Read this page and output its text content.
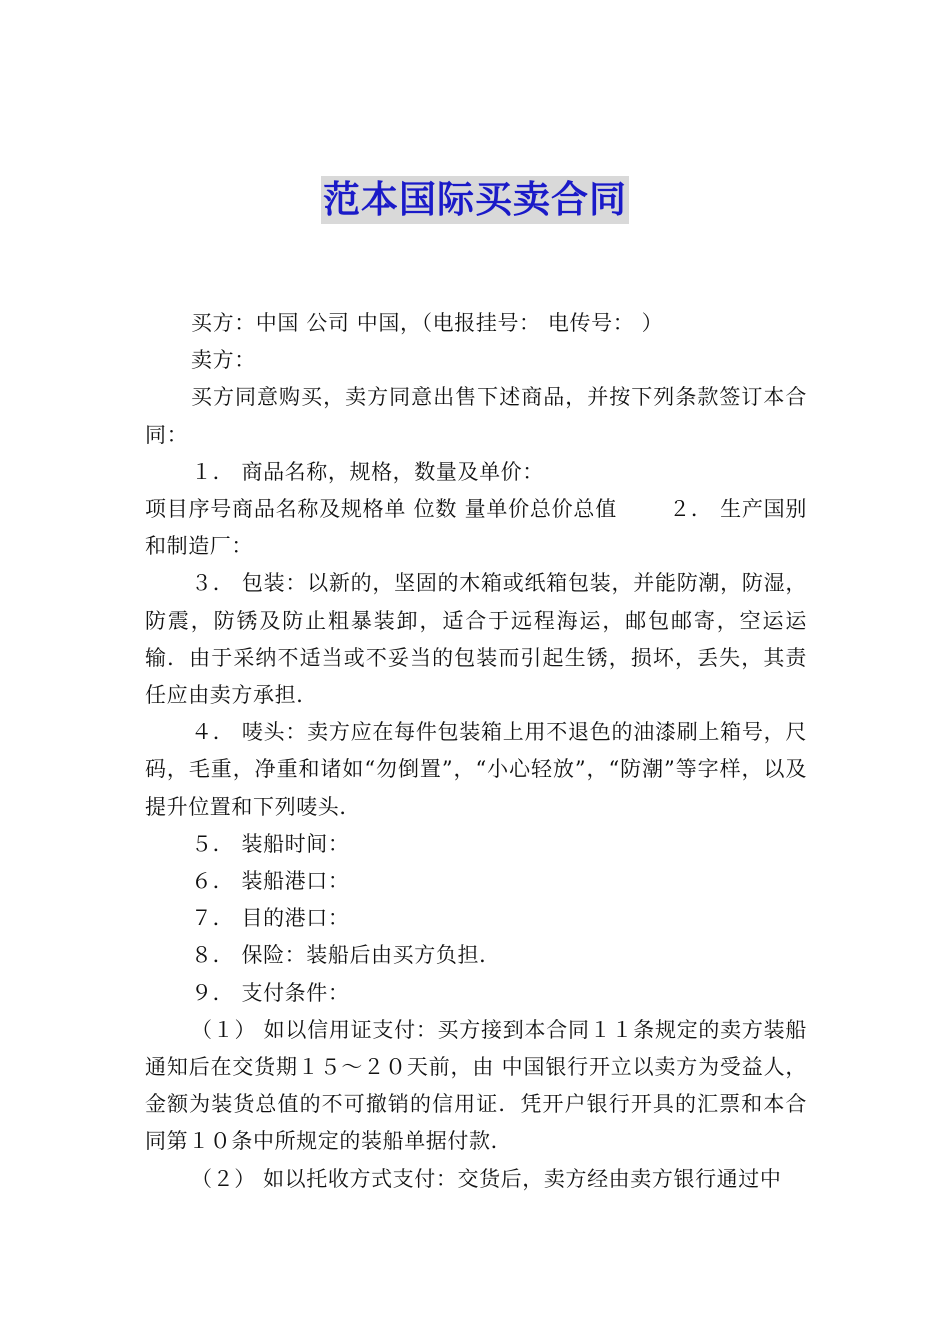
范本国际买卖合同

买方：中国 公司 中国，（电报挂号： 电传号： ）

卖方：

买方同意购买，卖方同意出售下述商品，并按下列条款签订本合同：

１． 商品名称，规格，数量及单价：

项目序号商品名称及规格单 位数 量单价总价总值 ２． 生产国别和制造厂：

３． 包装：以新的，坚固的木箱或纸箱包装，并能防潮，防湿，防震，防锈及防止粗暴装卸，适合于远程海运，邮包邮寄，空运运输．由于采纳不适当或不妥当的包装而引起生锈，损坏，丢失，其责任应由卖方承担．

４． 唛头：卖方应在每件包装箱上用不退色的油漆刷上箱号，尺码，毛重，净重和诸如“勿倒置”，“小心轻放”，“防潮”等字样，以及提升位置和下列唛头．

５． 装船时间：

６． 装船港口：

７． 目的港口：

８． 保险：装船后由买方负担．

９． 支付条件：

（１） 如以信用证支付：买方接到本合同１１条规定的卖方装船通知后在交货期１５～２０天前，由 中国银行开立以卖方为受益人，金额为装货总值的不可撤销的信用证．凭开户银行开具的汇票和本合同第１０条中所规定的装船单据付款．

（２） 如以托收方式支付：交货后，卖方经由卖方银行通过中
